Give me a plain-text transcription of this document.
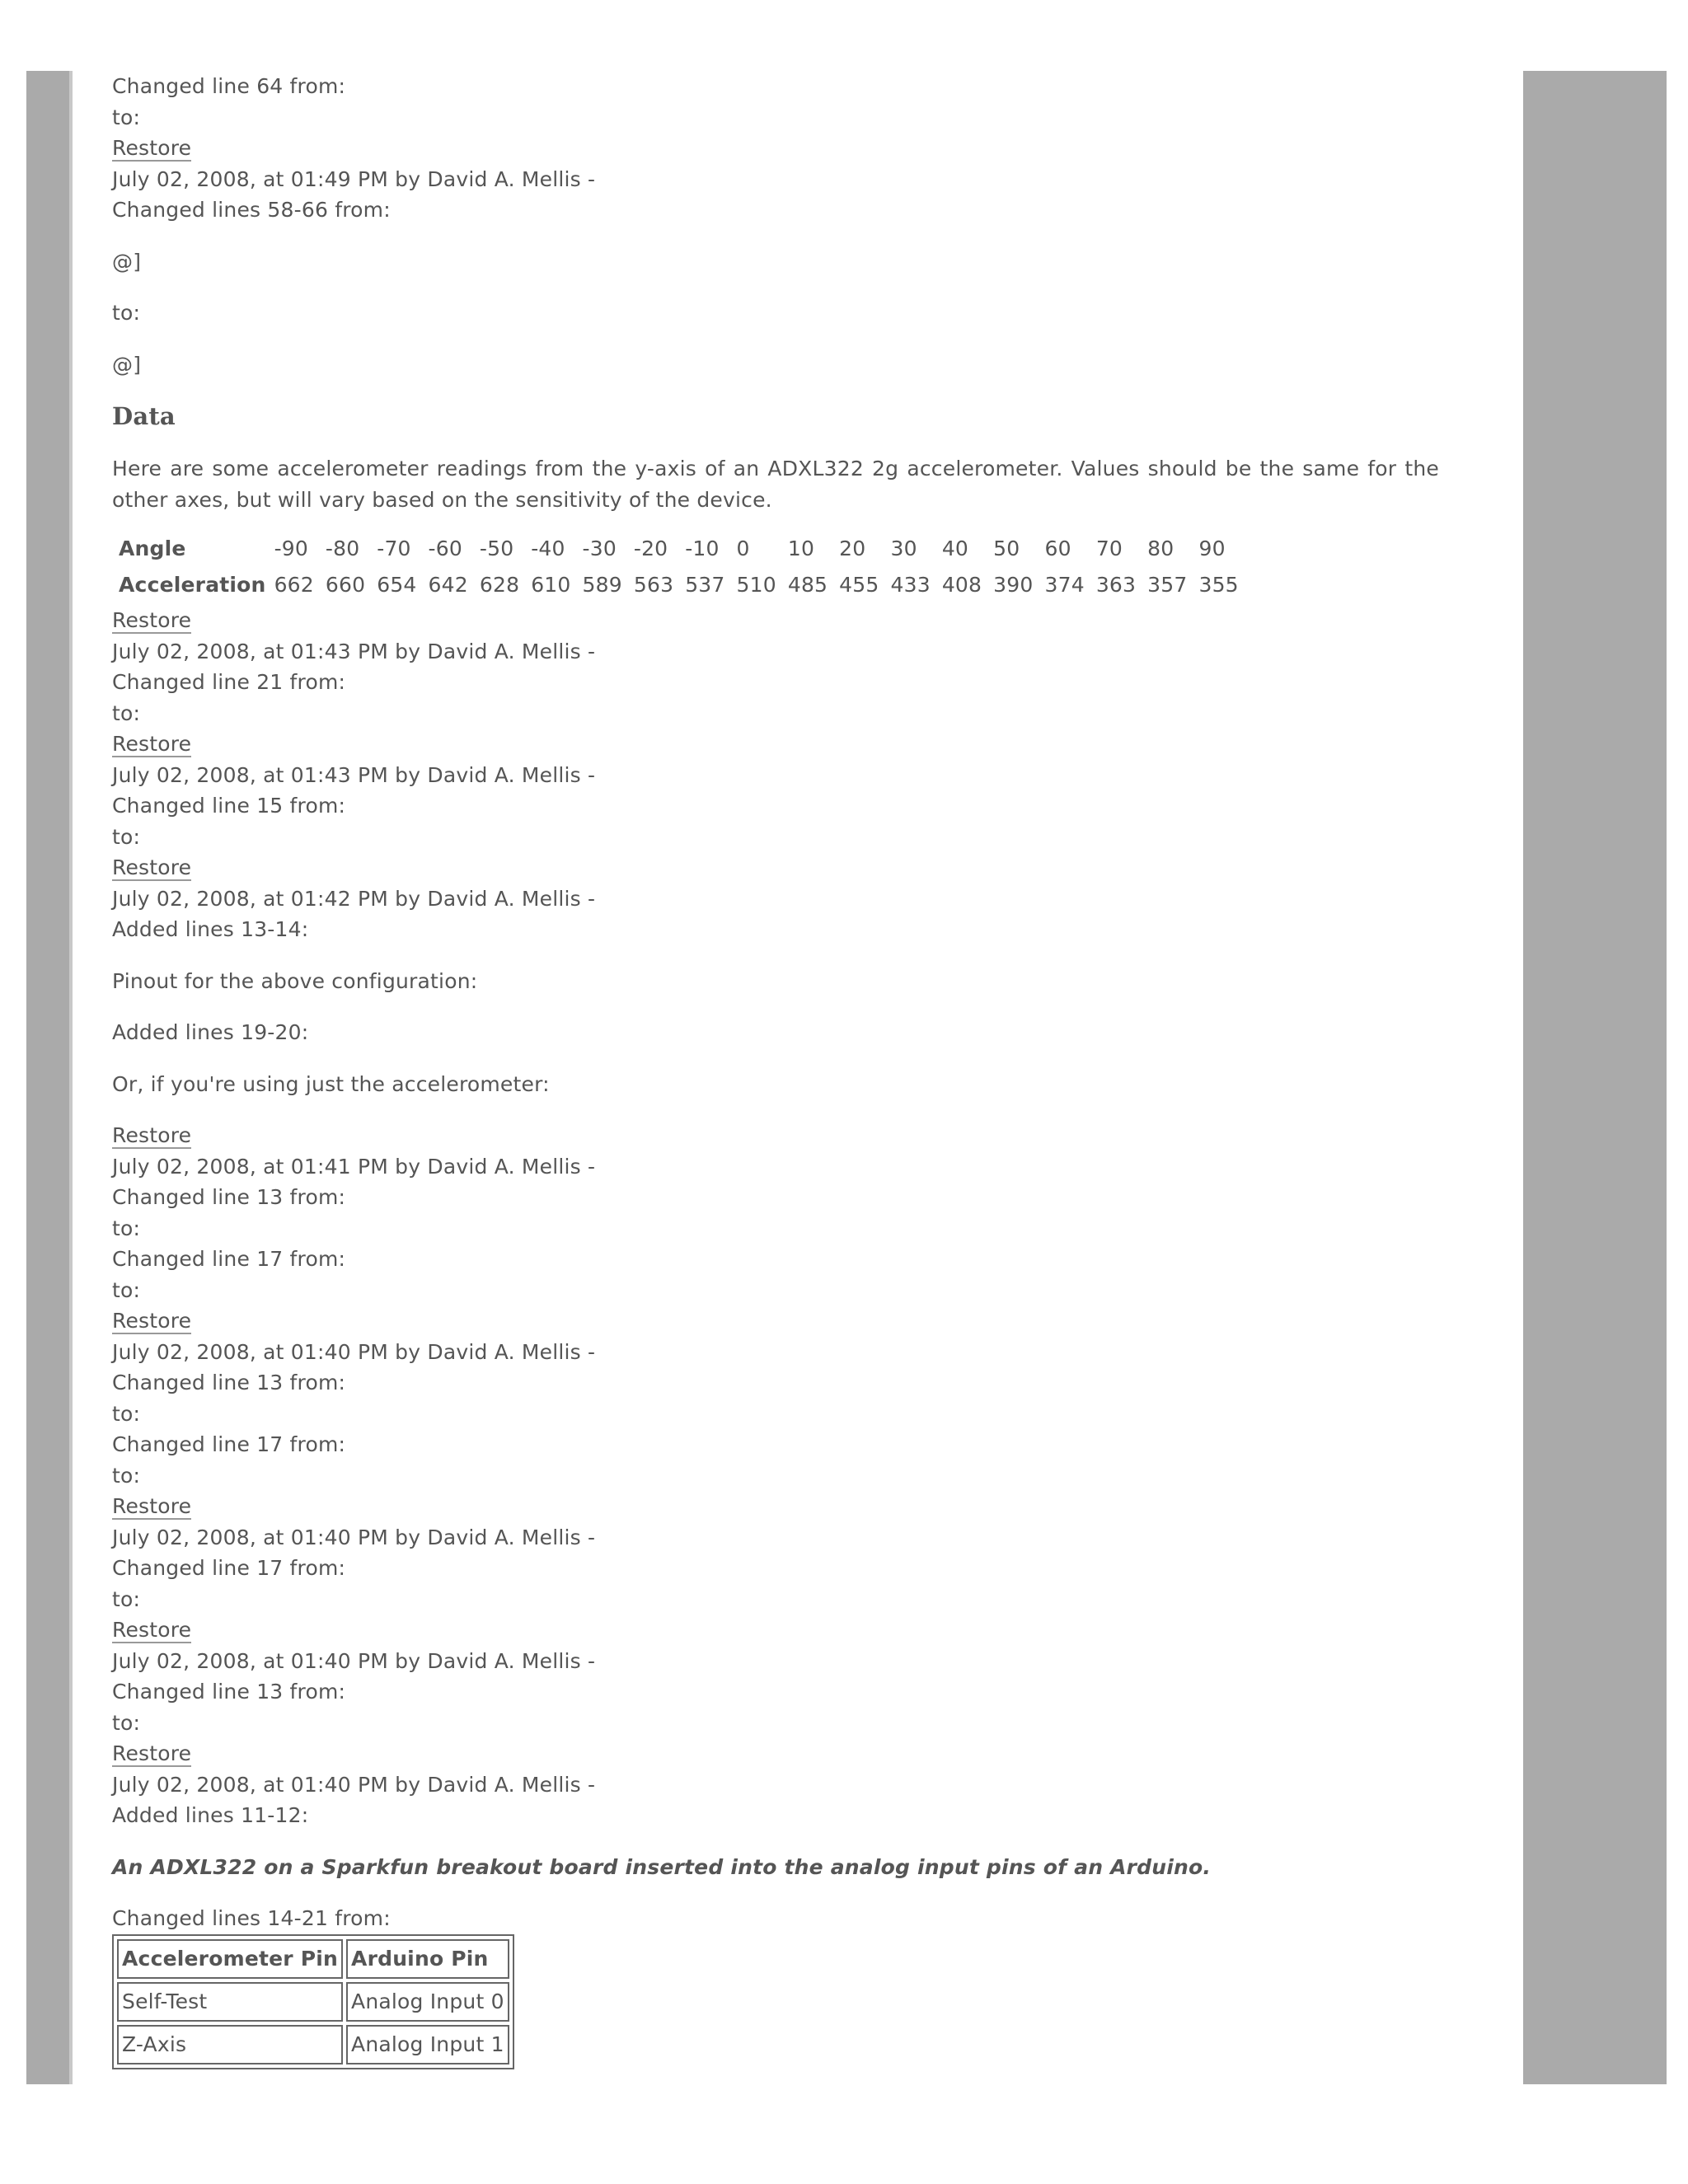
Changed line 64 from:
to:
Restore
July 02, 2008, at 01:49 PM by David A. Mellis -
Changed lines 58-66 from:
@]
to:
@]
Data
Here are some accelerometer readings from the y-axis of an ADXL322 2g accelerometer. Values should be the same for the other axes, but will vary based on the sensitivity of the device.
Angle	-90	-80	-70	-60	-50	-40	-30	-20	-10	0	10	20	30	40	50	60	70	80	90
Acceleration	662	660	654	642	628	610	589	563	537	510	485	455	433	408	390	374	363	357	355
Restore
July 02, 2008, at 01:43 PM by David A. Mellis -
Changed line 21 from:
to:
Restore
July 02, 2008, at 01:43 PM by David A. Mellis -
Changed line 15 from:
to:
Restore
July 02, 2008, at 01:42 PM by David A. Mellis -
Added lines 13-14:
Pinout for the above configuration:
Added lines 19-20:
Or, if you're using just the accelerometer:
Restore
July 02, 2008, at 01:41 PM by David A. Mellis -
Changed line 13 from:
to:
Changed line 17 from:
to:
Restore
July 02, 2008, at 01:40 PM by David A. Mellis -
Changed line 13 from:
to:
Changed line 17 from:
to:
Restore
July 02, 2008, at 01:40 PM by David A. Mellis -
Changed line 17 from:
to:
Restore
July 02, 2008, at 01:40 PM by David A. Mellis -
Changed line 13 from:
to:
Restore
July 02, 2008, at 01:40 PM by David A. Mellis -
Added lines 11-12:
An ADXL322 on a Sparkfun breakout board inserted into the analog input pins of an Arduino.
Changed lines 14-21 from:
Accelerometer Pin	Arduino Pin
Self-Test	Analog Input 0
Z-Axis	Analog Input 1
